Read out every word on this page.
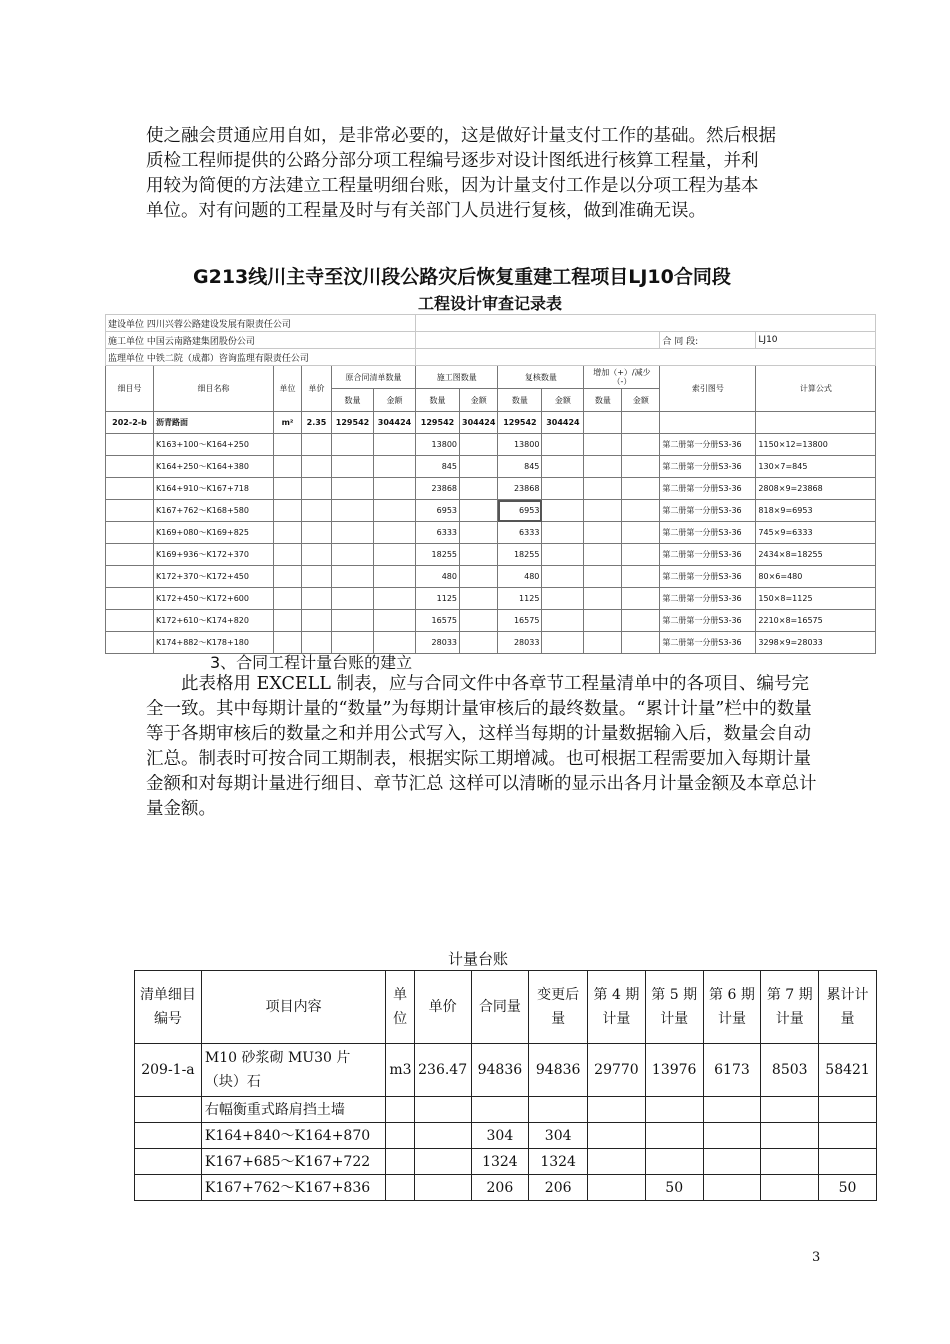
使之融会贯通应用自如，是非常必要的，这是做好计量支付工作的基础。然后根据

质检工程师提供的公路分部分项工程编号逐步对设计图纸进行核算工程量，并利

用较为简便的方法建立工程量明细台账，因为计量支付工作是以分项工程为基本

单位。对有问题的工程量及时与有关部门人员进行复核，做到准确无误。

G213线川主寺至汶川段公路灾后恢复重建工程项目LJ10合同段
工程设计审查记录表
建设单位 四川兴蓉公路建设发展有限责任公司													
施工单位 中国云南路建集团股份公司												合 同 段:	LJ10
监理单位 中铁二院（成都）咨询监理有限责任公司													
细目号	细目名称	单位	单价	原合同清单数量		施工图数量		复核数量		增加（+）/减少（-）		索引图号	计算公式
				数量	金额	数量	金额	数量	金额	数量	金额		
202-2-b	沥青路面	m²	2.35	129542	304424	129542	304424	129542	304424				
	K163+100～K164+250					13800		13800				第二册第一分册S3-36	1150×12=13800
	K164+250～K164+380					845		845				第二册第一分册S3-36	130×7=845
	K164+910～K167+718					23868		23868				第二册第一分册S3-36	2808×9=23868
	K167+762～K168+580					6953		6953				第二册第一分册S3-36	818×9=6953
	K169+080～K169+825					6333		6333				第二册第一分册S3-36	745×9=6333
	K169+936～K172+370					18255		18255				第二册第一分册S3-36	2434×8=18255
	K172+370～K172+450					480		480				第二册第一分册S3-36	80×6=480
	K172+450～K172+600					1125		1125				第二册第一分册S3-36	150×8=1125
	K172+610～K174+820					16575		16575				第二册第一分册S3-36	2210×8=16575
	K174+882～K178+180					28033		28033				第二册第一分册S3-36	3298×9=28033
3、合同工程计量台账的建立
此表格用 EXCELL 制表，应与合同文件中各章节工程量清单中的各项目、编号完全一致。其中每期计量的“数量”为每期计量审核后的最终数量。“累计计量”栏中的数量等于各期审核后的数量之和并用公式写入，这样当每期的计量数据输入后，数量会自动汇总。制表时可按合同工期制表，根据实际工期增减。也可根据工程需要加入每期计量金额和对每期计量进行细目、章节汇总 这样可以清晰的显示出各月计量金额及本章总计量金额。
计量台账
清单细目编号	项目内容	单位	单价	合同量	变更后量	第 4 期计量	第 5 期计量	第 6 期计量	第 7 期计量	累计计量
209-1-a	M10 砂浆砌 MU30 片（块）石	m3	236.47	94836	94836	29770	13976	6173	8503	58421
	右幅衡重式路肩挡土墙									
	K164+840～K164+870			304	304					
	K167+685～K167+722			1324	1324					
	K167+762～K167+836			206	206		50			50
3
